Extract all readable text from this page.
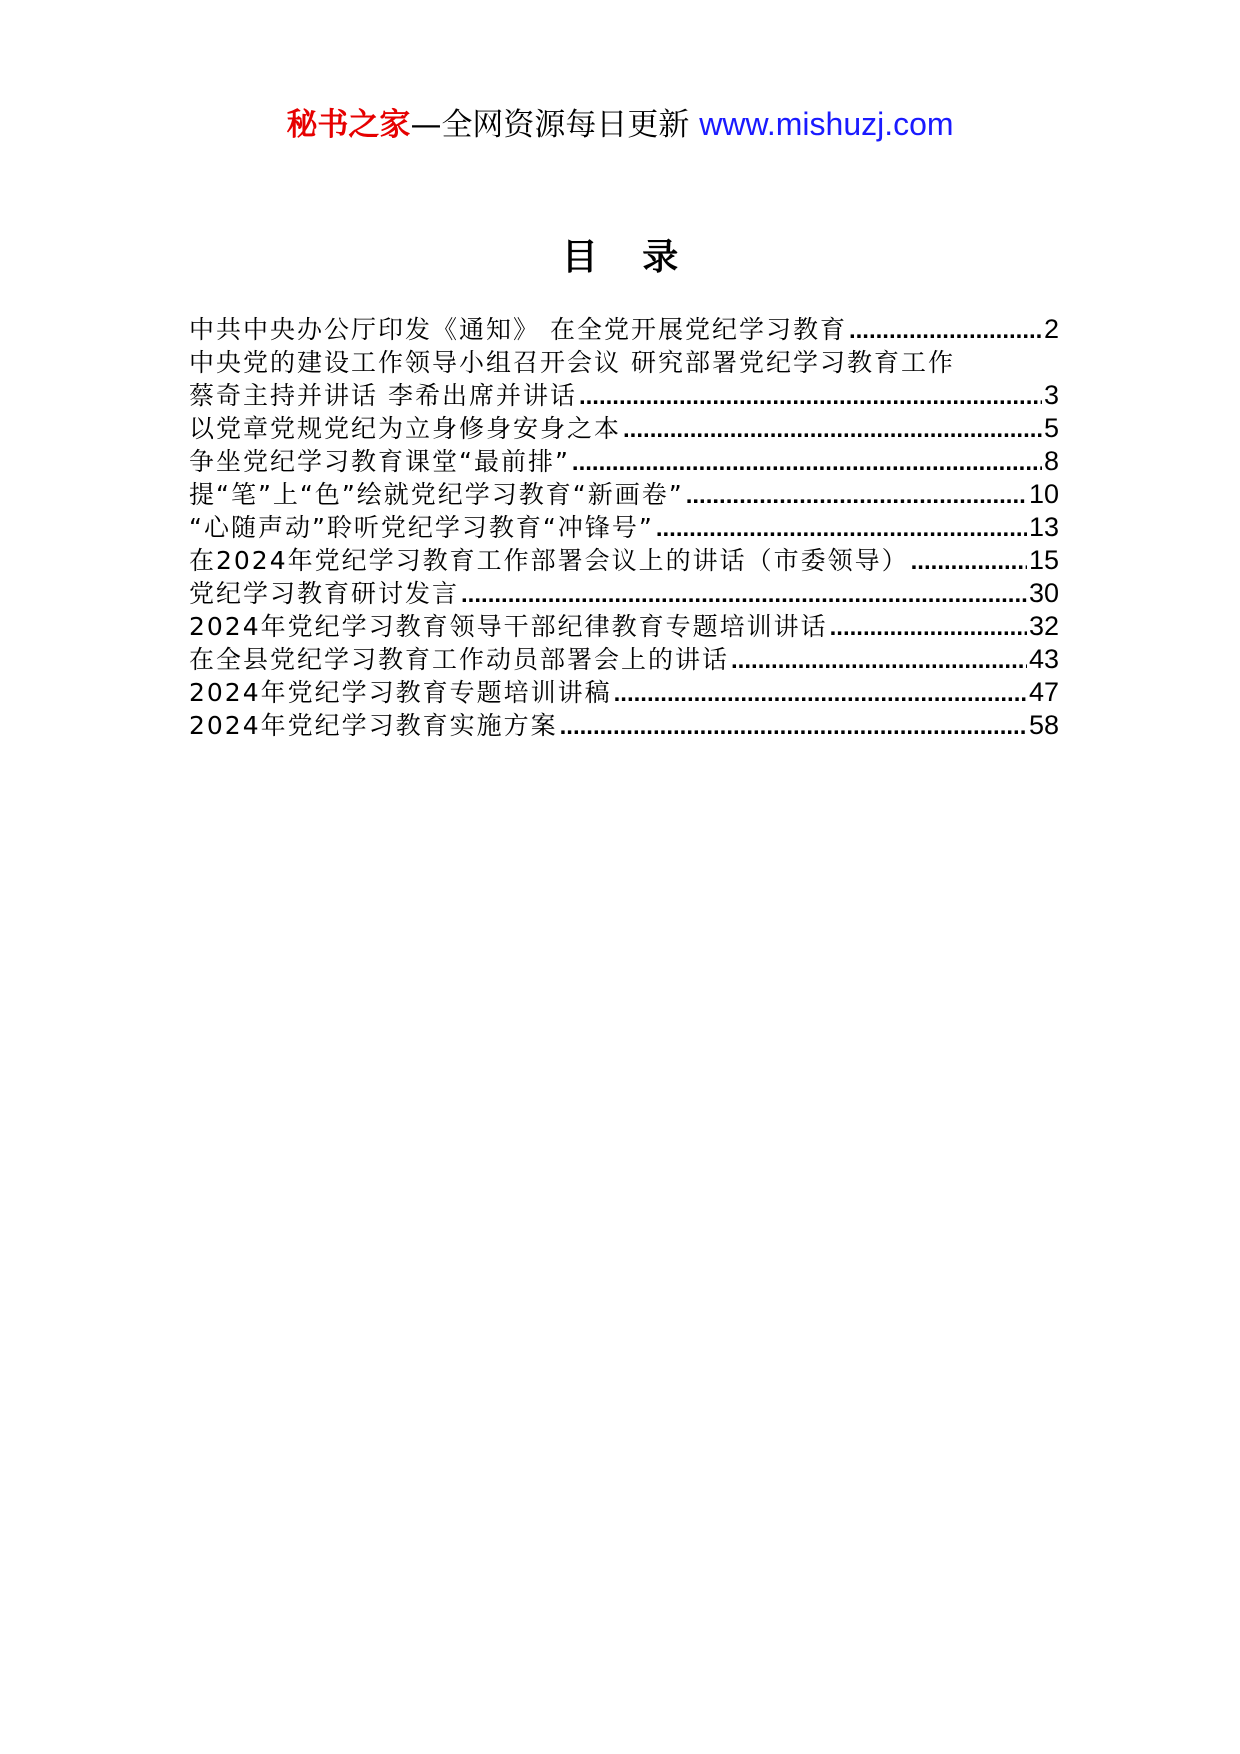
秘书之家—全网资源每日更新 www.mishuzj.com
目 录
中共中央办公厅印发《通知》 在全党开展党纪学习教育 .....	2
中央党的建设工作领导小组召开会议 研究部署党纪学习教育工作
蔡奇主持并讲话 李希出席并讲话 .....	3
以党章党规党纪为立身修身安身之本 .....	5
争坐党纪学习教育课堂“最前排” .....	8
提“笔”上“色”绘就党纪学习教育“新画卷” .....	10
“心随声动”聆听党纪学习教育“冲锋号” .....	13
在2024年党纪学习教育工作部署会议上的讲话（市委领导） .....	15
党纪学习教育研讨发言 .....	30
2024年党纪学习教育领导干部纪律教育专题培训讲话 .....	32
在全县党纪学习教育工作动员部署会上的讲话 .....	43
2024年党纪学习教育专题培训讲稿 .....	47
2024年党纪学习教育实施方案 .....	58
